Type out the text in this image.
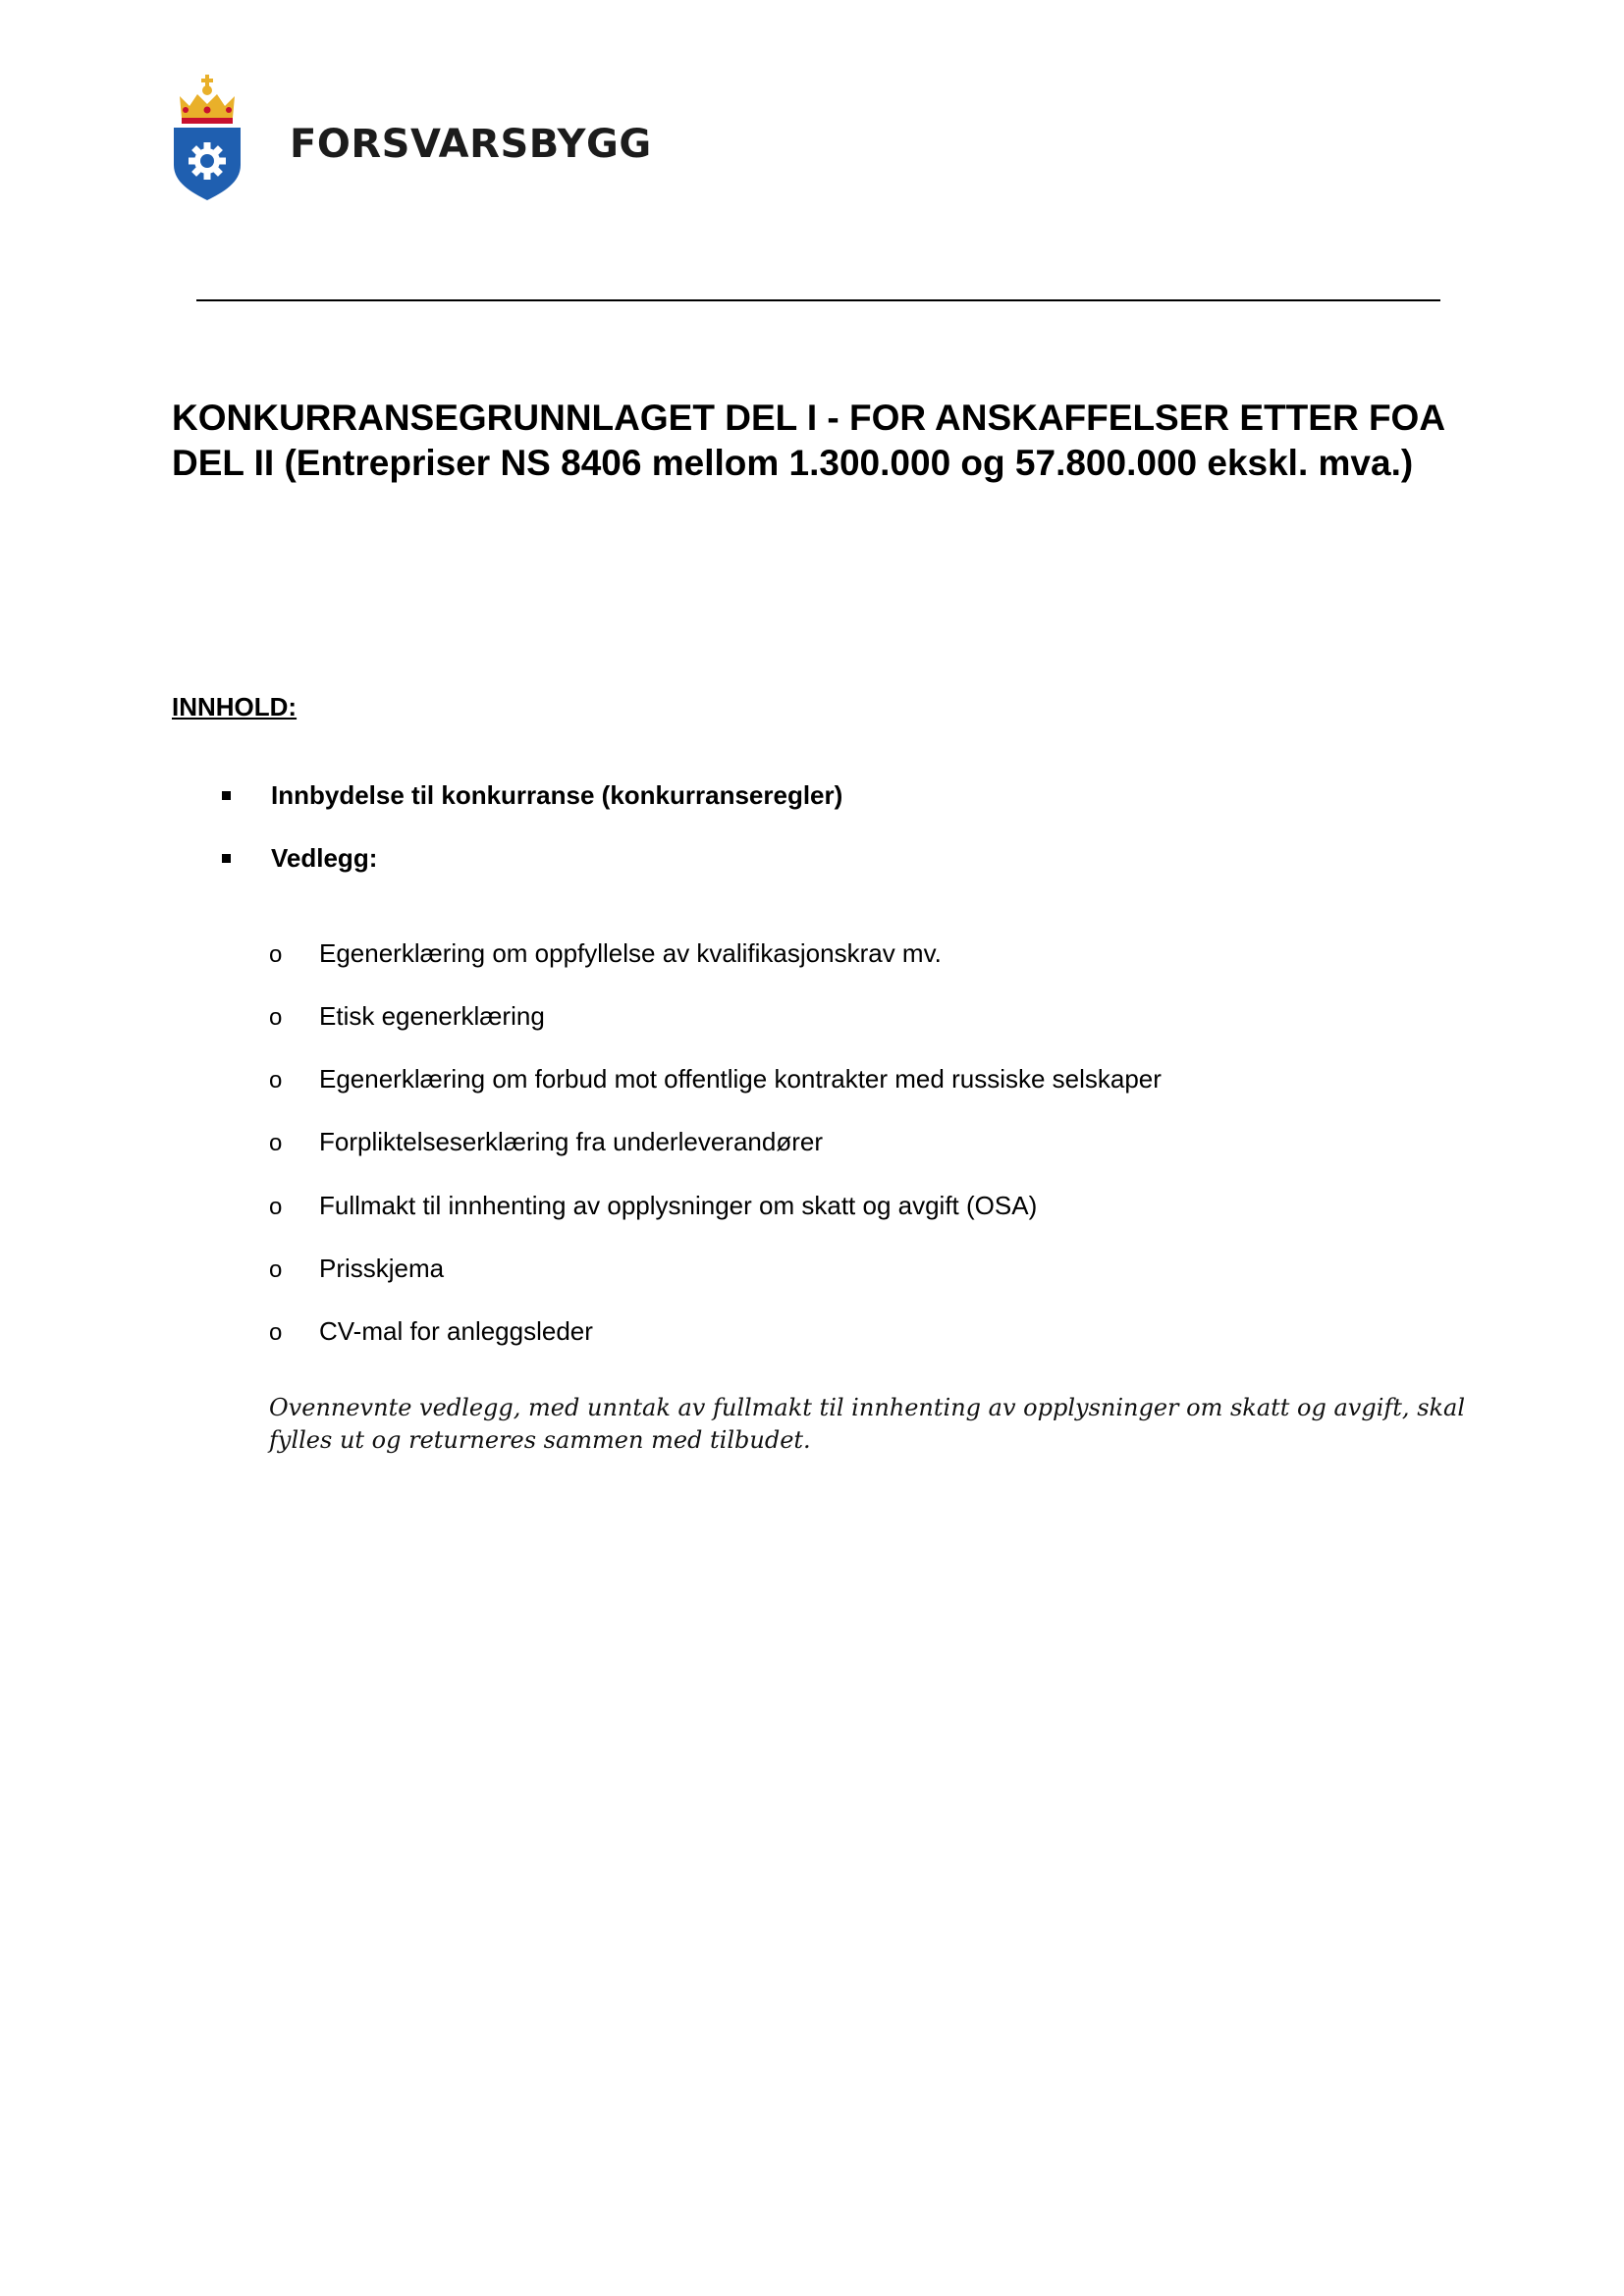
FORSVARSBYGG
KONKURRANSEGRUNNLAGET DEL I - FOR ANSKAFFELSER ETTER FOA DEL II (Entrepriser NS 8406 mellom 1.300.000 og 57.800.000 ekskl. mva.)
INNHOLD:
Innbydelse til konkurranse (konkurranseregler)
Vedlegg:
o Egenerklæring om oppfyllelse av kvalifikasjonskrav mv.
o Etisk egenerklæring
o Egenerklæring om forbud mot offentlige kontrakter med russiske selskaper
o Forpliktelseserklæring fra underleverandører
o Fullmakt til innhenting av opplysninger om skatt og avgift (OSA)
o Prisskjema
o CV-mal for anleggsleder

Ovennevnte vedlegg, med unntak av fullmakt til innhenting av opplysninger om skatt og avgift, skal fylles ut og returneres sammen med tilbudet.
